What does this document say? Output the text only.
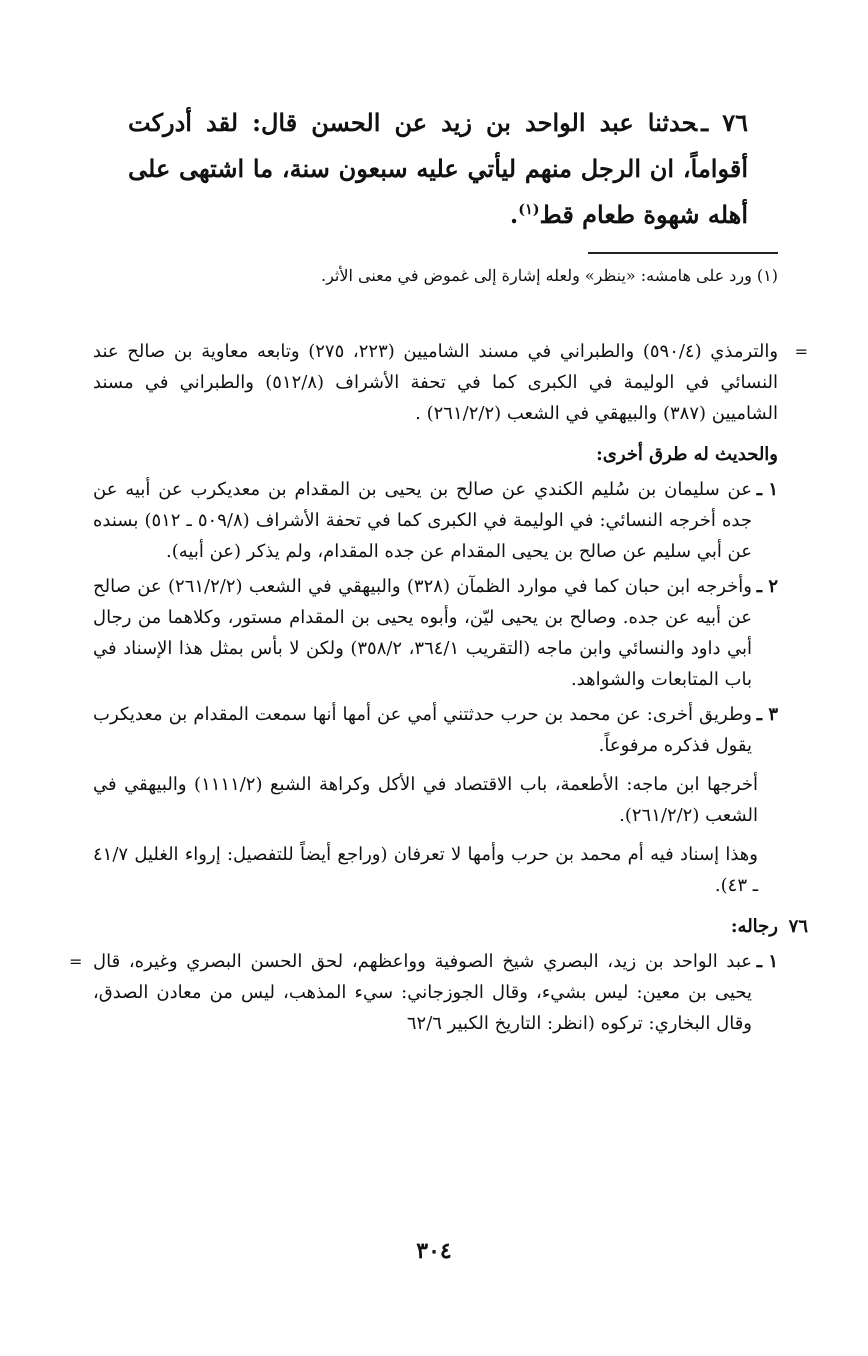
٧٦ ـحدثنا عبد الواحد بن زيد عن الحسن قال: لقد أدركت أقواماً، ان الرجل منهم ليأتي عليه سبعون سنة، ما اشتهى على أهله شهوة طعام قط$^{(١)}$.
(١) ورد على هامشه: «ينظر» ولعله إشارة إلى غموض في معنى الأثر.

=
والترمذي (٥٩٠/٤) والطبراني في مسند الشاميين (٢٢٣، ٢٧٥) وتابعه معاوية بن صالح عند النسائي في الوليمة في الكبرى كما في تحفة الأشراف (٥١٢/٨) والطبراني في مسند الشاميين (٣٨٧) والبيهقي في الشعب (٢٦١/٢/٢) .

والحديث له طرق أخرى:

١ ـ
عن سليمان بن سُليم الكندي عن صالح بن يحيى بن المقدام بن معديكرب عن أبيه عن جده أخرجه النسائي: في الوليمة في الكبرى كما في تحفة الأشراف (٥٠٩/٨ ـ ٥١٢) بسنده عن أبي سليم عن صالح بن يحيى المقدام عن جده المقدام، ولم يذكر (عن أبيه).

٢ ـ
وأخرجه ابن حبان كما في موارد الظمآن (٣٢٨) والبيهقي في الشعب (٢٦١/٢/٢) عن صالح عن أبيه عن جده. وصالح بن يحيى ليّن، وأبوه يحيى بن المقدام مستور، وكلاهما من رجال أبي داود والنسائي وابن ماجه (التقريب ٣٦٤/١، ٣٥٨/٢) ولكن لا بأس بمثل هذا الإسناد في باب المتابعات والشواهد.

٣ ـ
وطريق أخرى: عن محمد بن حرب حدثتني أمي عن أمها أنها سمعت المقدام بن معديكرب يقول فذكره مرفوعاً.

أخرجها ابن ماجه: الأطعمة، باب الاقتصاد في الأكل وكراهة الشبع (١١١١/٢) والبيهقي في الشعب (٢٦١/٢/٢).

وهذا إسناد فيه أم محمد بن حرب وأمها لا تعرفان (وراجع أيضاً للتفصيل: إرواء الغليل ٤١/٧ ـ ٤٣).

٧٦
رجاله:

١ ـ
عبد الواحد بن زيد، البصري شيخ الصوفية وواعظهم، لحق الحسن البصري وغيره، قال يحيى بن معين: ليس بشيء، وقال الجوزجاني: سيء المذهب، ليس من معادن الصدق، وقال البخاري: تركوه (انظر: التاريخ الكبير ٦٢/٦
=

٣٠٤
